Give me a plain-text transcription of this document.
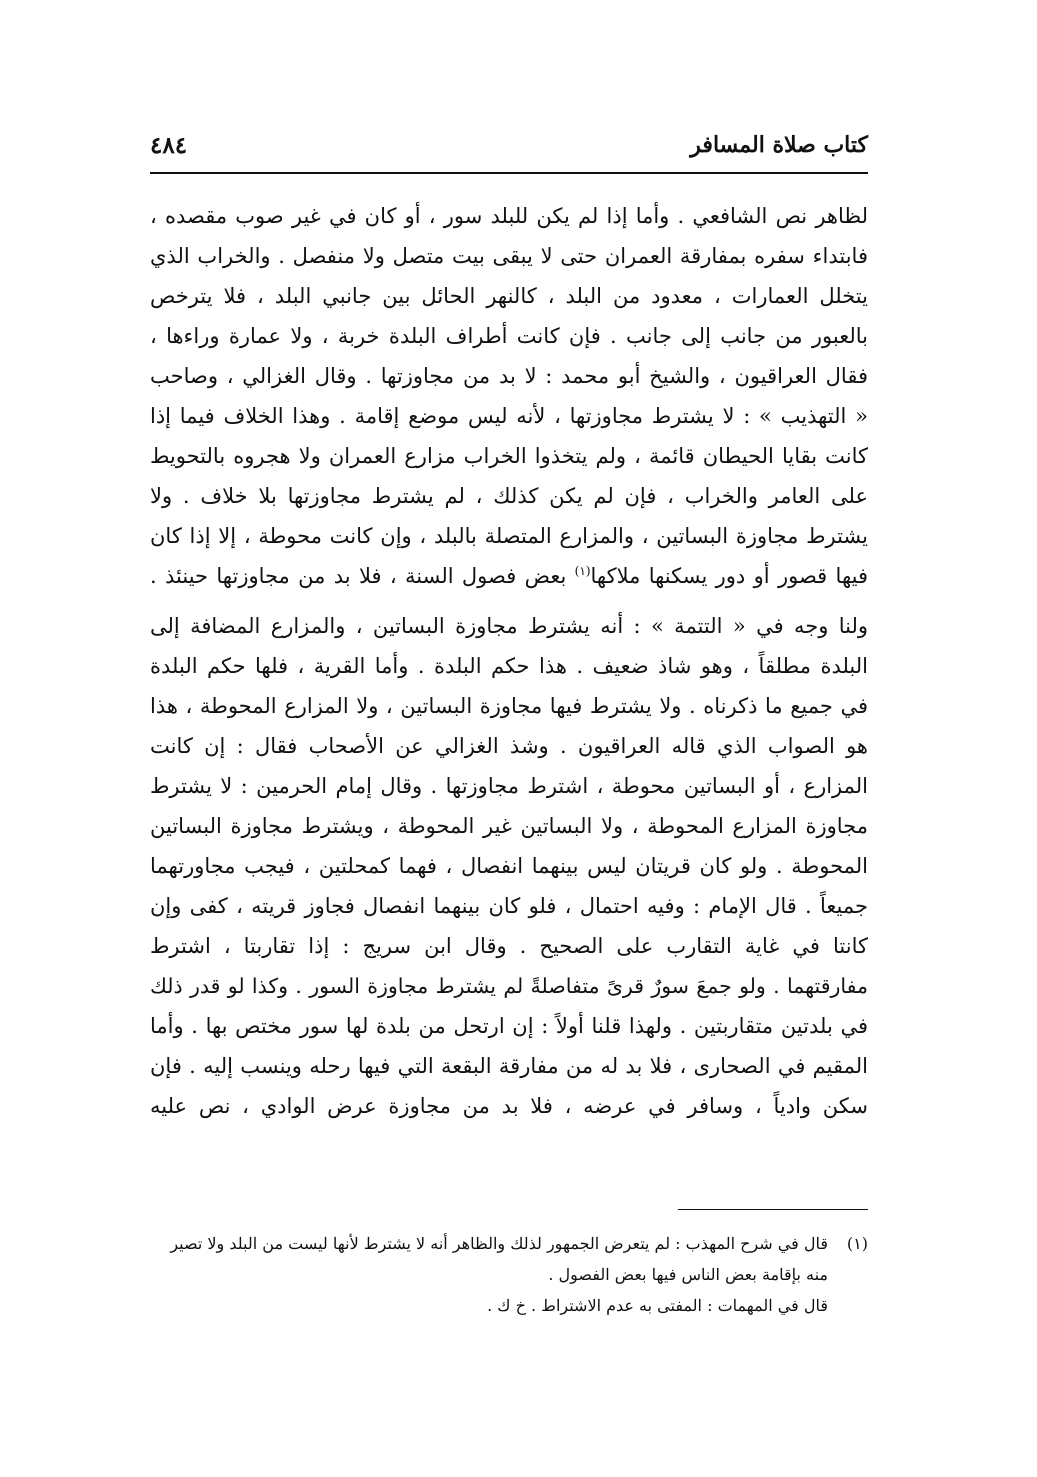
٤٨٤	كتاب صلاة المسافر
لظاهر نص الشافعي . وأما إذا لم يكن للبلد سور ، أو كان في غير صوب مقصده ،
فابتداء سفره بمفارقة العمران حتى لا يبقى بيت متصل ولا منفصل . والخراب الذي
يتخلل العمارات ، معدود من البلد ، كالنهر الحائل بين جانبي البلد ، فلا يترخص
بالعبور من جانب إلى جانب . فإن كانت أطراف البلدة خربة ، ولا عمارة وراءها ،
فقال العراقيون ، والشيخ أبو محمد : لا بد من مجاوزتها . وقال الغزالي ، وصاحب
« التهذيب » : لا يشترط مجاوزتها ، لأنه ليس موضع إقامة . وهذا الخلاف فيما إذا
كانت بقايا الحيطان قائمة ، ولم يتخذوا الخراب مزارع العمران ولا هجروه بالتحويط
على العامر والخراب ، فإن لم يكن كذلك ، لم يشترط مجاوزتها بلا خلاف . ولا
يشترط مجاوزة البساتين ، والمزارع المتصلة بالبلد ، وإن كانت محوطة ، إلا إذا كان
فيها قصور أو دور يسكنها ملاكها$^{(١)}$ بعض فصول السنة ، فلا بد من مجاوزتها حينئذ .
ولنا وجه في « التتمة » : أنه يشترط مجاوزة البساتين ، والمزارع المضافة إلى
البلدة مطلقاً ، وهو شاذ ضعيف . هذا حكم البلدة . وأما القرية ، فلها حكم البلدة
في جميع ما ذكرناه . ولا يشترط فيها مجاوزة البساتين ، ولا المزارع المحوطة ، هذا
هو الصواب الذي قاله العراقيون . وشذ الغزالي عن الأصحاب فقال : إن كانت
المزارع ، أو البساتين محوطة ، اشترط مجاوزتها . وقال إمام الحرمين : لا يشترط
مجاوزة المزارع المحوطة ، ولا البساتين غير المحوطة ، ويشترط مجاوزة البساتين
المحوطة . ولو كان قريتان ليس بينهما انفصال ، فهما كمحلتين ، فيجب مجاورتهما
جميعاً . قال الإمام : وفيه احتمال ، فلو كان بينهما انفصال فجاوز قريته ، كفى وإن
كانتا في غاية التقارب على الصحيح . وقال ابن سريج : إذا تقاربتا ، اشترط
مفارقتهما . ولو جمعَ سورٌ قرىً متفاصلةً لم يشترط مجاوزة السور . وكذا لو قدر ذلك
في بلدتين متقاربتين . ولهذا قلنا أولاً : إن ارتحل من بلدة لها سور مختص بها . وأما
المقيم في الصحارى ، فلا بد له من مفارقة البقعة التي فيها رحله وينسب إليه . فإن
سكن وادياً ، وسافر في عرضه ، فلا بد من مجاوزة عرض الوادي ، نص عليه
(١)قال في شرح المهذب : لم يتعرض الجمهور لذلك والظاهر أنه لا يشترط لأنها ليست من البلد ولا تصير
منه بإقامة بعض الناس فيها بعض الفصول .
قال في المهمات : المفتى به عدم الاشتراط . خ ك .
